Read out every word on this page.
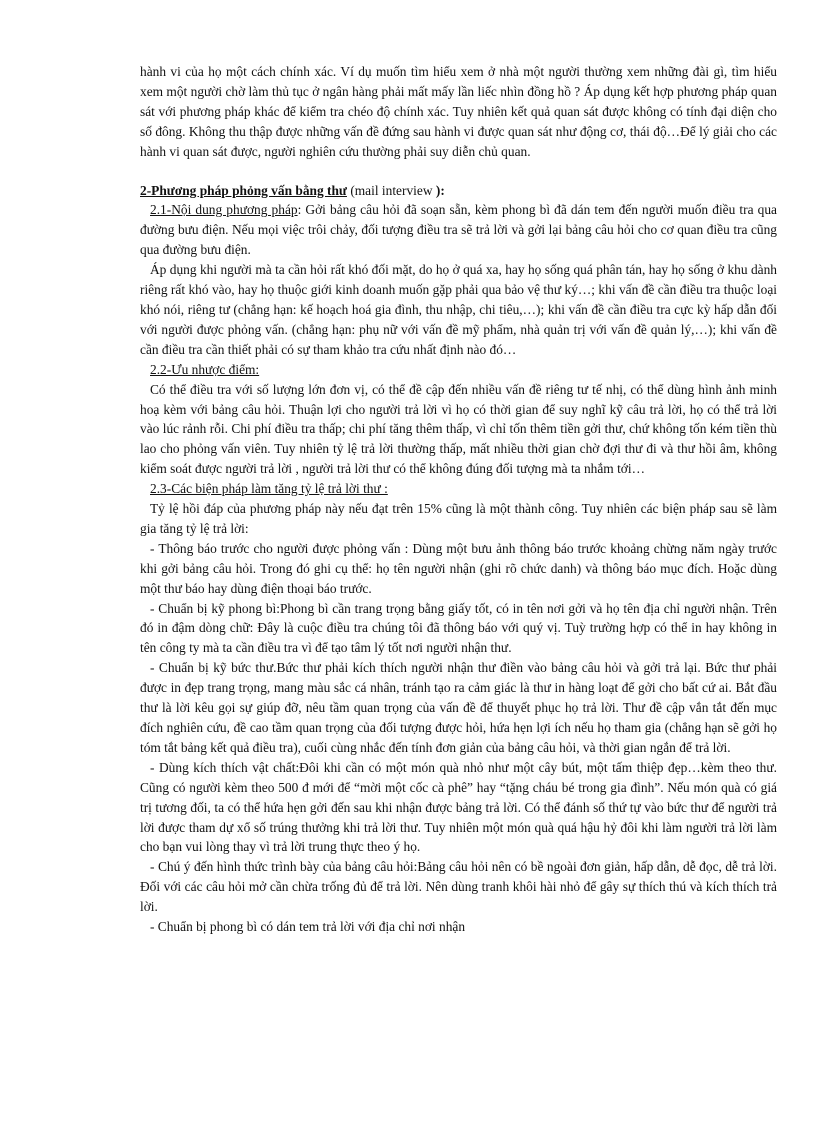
hành vi của họ một cách chính xác. Ví dụ muốn tìm hiểu xem ở nhà một người thường xem những đài gì, tìm hiểu xem một người chờ làm thủ tục ở ngân hàng phải mất mấy lần liếc nhìn đồng hồ ? Áp dụng kết hợp phương pháp quan sát với phương pháp khác để kiểm tra chéo độ chính xác. Tuy nhiên kết quả quan sát được không có tính đại diện cho số đông. Không thu thập được những vấn đề đứng sau hành vi được quan sát như động cơ, thái độ…Để lý giải cho các hành vi quan sát được, người nghiên cứu thường phải suy diễn chủ quan.

2-Phương pháp phỏng vấn bằng thư (mail interview ):

2.1-Nội dung phương pháp: Gởi bảng câu hỏi đã soạn sẵn, kèm phong bì đã dán tem đến người muốn điều tra qua đường bưu điện. Nếu mọi việc trôi chảy, đối tượng điều tra sẽ trả lời và gởi lại bảng câu hỏi cho cơ quan điều tra cũng qua đường bưu điện.

Áp dụng khi người mà ta cần hỏi rất khó đối mặt, do họ ở quá xa, hay họ sống quá phân tán, hay họ sống ở khu dành riêng rất khó vào, hay họ thuộc giới kinh doanh muốn gặp phải qua bảo vệ thư ký…; khi vấn đề cần điều tra thuộc loại khó nói, riêng tư (chẳng hạn: kế hoạch hoá gia đình, thu nhập, chi tiêu,…); khi vấn đề cần điều tra cực kỳ hấp dẫn đối với người được phỏng vấn. (chẳng hạn: phụ nữ với vấn đề mỹ phẩm, nhà quản trị với vấn đề quản lý,…); khi vấn đề cần điều tra cần thiết phải có sự tham khảo tra cứu nhất định nào đó…

2.2-Ưu nhược điểm:

Có thể điều tra với số lượng lớn đơn vị, có thể đề cập đến nhiều vấn đề riêng tư tế nhị, có thể dùng hình ảnh minh hoạ kèm với bảng câu hỏi. Thuận lợi cho người trả lời vì họ có thời gian để suy nghĩ kỹ câu trả lời, họ có thể trả lời vào lúc rảnh rỗi. Chi phí điều tra thấp; chi phí tăng thêm thấp, vì chỉ tốn thêm tiền gởi thư, chứ không tốn kém tiền thù lao cho phỏng vấn viên. Tuy nhiên tỷ lệ trả lời thường thấp, mất nhiều thời gian chờ đợi thư đi và thư hồi âm, không kiểm soát được người trả lời , người trả lời thư có thể không đúng đối tượng mà ta nhắm tới…

2.3-Các biện pháp làm tăng tỷ lệ trả lời thư :

Tỷ lệ hồi đáp của phương pháp này nếu đạt trên 15% cũng là một thành công. Tuy nhiên các biện pháp sau sẽ làm gia tăng tỷ lệ trả lời:

- Thông báo trước cho người được phỏng vấn : Dùng một bưu ảnh thông báo trước khoảng chừng năm ngày trước khi gởi bảng câu hỏi. Trong đó ghi cụ thể: họ tên người nhận (ghi rõ chức danh) và thông báo mục đích. Hoặc dùng một thư báo hay dùng điện thoại báo trước.

- Chuẩn bị kỹ phong bì:Phong bì cần trang trọng bằng giấy tốt, có in tên nơi gởi và họ tên địa chỉ người nhận. Trên đó in đậm dòng chữ: Đây là cuộc điều tra chúng tôi đã thông báo với quý vị. Tuỳ trường hợp có thể in hay không in tên công ty mà ta cần điều tra vì để tạo tâm lý tốt nơi người nhận thư.

- Chuẩn bị kỹ bức thư.Bức thư phải kích thích người nhận thư điền vào bảng câu hỏi và gởi trả lại. Bức thư phải được in đẹp trang trọng, mang màu sắc cá nhân, tránh tạo ra cảm giác là thư in hàng loạt để gởi cho bất cứ ai. Bắt đầu thư là lời kêu gọi sự giúp đỡ, nêu tầm quan trọng của vấn đề để thuyết phục họ trả lời. Thư đề cập vắn tắt đến mục đích nghiên cứu, đề cao tầm quan trọng của đối tượng được hỏi, hứa hẹn lợi ích nếu họ tham gia (chẳng hạn sẽ gởi họ tóm tắt bảng kết quả điều tra), cuối cùng nhắc đến tính đơn giản của bảng câu hỏi, và thời gian ngắn để trả lời.

- Dùng kích thích vật chất:Đôi khi cần có một món quà nhỏ như một cây bút, một tấm thiệp đẹp…kèm theo thư. Cũng có người kèm theo 500 đ mới để “mời một cốc cà phê” hay “tặng cháu bé trong gia đình”. Nếu món quà có giá trị tương đối, ta có thể hứa hẹn gởi đến sau khi nhận được bảng trả lời. Có thể đánh số thứ tự vào bức thư để người trả lời được tham dự xổ số trúng thưởng khi trả lời thư. Tuy nhiên một món quà quá hậu hỷ đôi khi làm người trả lời làm cho bạn vui lòng thay vì trả lời trung thực theo ý họ.

- Chú ý đến hình thức trình bày của bảng câu hỏi:Bảng câu hỏi nên có bề ngoài đơn giản, hấp dẫn, dễ đọc, dễ trả lời. Đối với các câu hỏi mở cần chừa trống đủ để trả lời. Nên dùng tranh khôi hài nhỏ để gây sự thích thú và kích thích trả lời.

- Chuẩn bị phong bì có dán tem trả lời với địa chỉ nơi nhận
